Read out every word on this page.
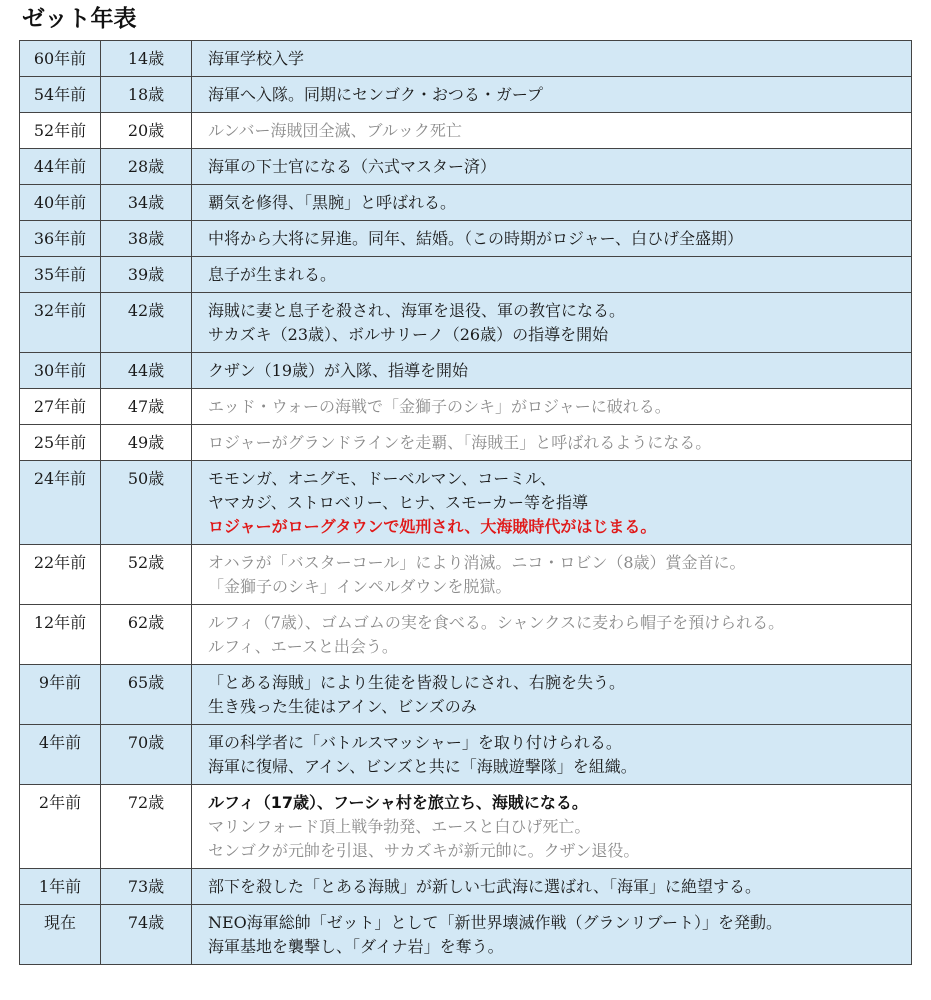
ゼット年表
60年前	14歳	海軍学校入学

54年前	18歳	海軍へ入隊。同期にセンゴク・おつる・ガープ

52年前	20歳	ルンバー海賊団全滅、ブルック死亡

44年前	28歳	海軍の下士官になる（六式マスター済）

40年前	34歳	覇気を修得、「黒腕」と呼ばれる。

36年前	38歳	中将から大将に昇進。同年、結婚。（この時期がロジャー、白ひげ全盛期）

35年前	39歳	息子が生まれる。

32年前	42歳	海賊に妻と息子を殺され、海軍を退役、軍の教官になる。
サカズキ（23歳）、ボルサリーノ（26歳）の指導を開始

30年前	44歳	クザン（19歳）が入隊、指導を開始

27年前	47歳	エッド・ウォーの海戦で「金獅子のシキ」がロジャーに破れる。

25年前	49歳	ロジャーがグランドラインを走覇、「海賊王」と呼ばれるようになる。

24年前	50歳	モモンガ、オニグモ、ドーベルマン、コーミル、
ヤマカジ、ストロベリー、ヒナ、スモーカー等を指導
ロジャーがローグタウンで処刑され、大海賊時代がはじまる。

22年前	52歳	オハラが「バスターコール」により消滅。ニコ・ロビン（8歳）賞金首に。
「金獅子のシキ」インペルダウンを脱獄。

12年前	62歳	ルフィ（7歳）、ゴムゴムの実を食べる。シャンクスに麦わら帽子を預けられる。
ルフィ、エースと出会う。

9年前	65歳	「とある海賊」により生徒を皆殺しにされ、右腕を失う。
生き残った生徒はアイン、ビンズのみ

4年前	70歳	軍の科学者に「バトルスマッシャー」を取り付けられる。
海軍に復帰、アイン、ビンズと共に「海賊遊撃隊」を組織。

2年前	72歳	ルフィ（17歳）、フーシャ村を旅立ち、海賊になる。
マリンフォード頂上戦争勃発、エースと白ひげ死亡。
センゴクが元帥を引退、サカズキが新元帥に。クザン退役。

1年前	73歳	部下を殺した「とある海賊」が新しい七武海に選ばれ、「海軍」に絶望する。

現在	74歳	NEO海軍総帥「ゼット」として「新世界壊滅作戦（グランリブート）」を発動。
海軍基地を襲撃し、「ダイナ岩」を奪う。
